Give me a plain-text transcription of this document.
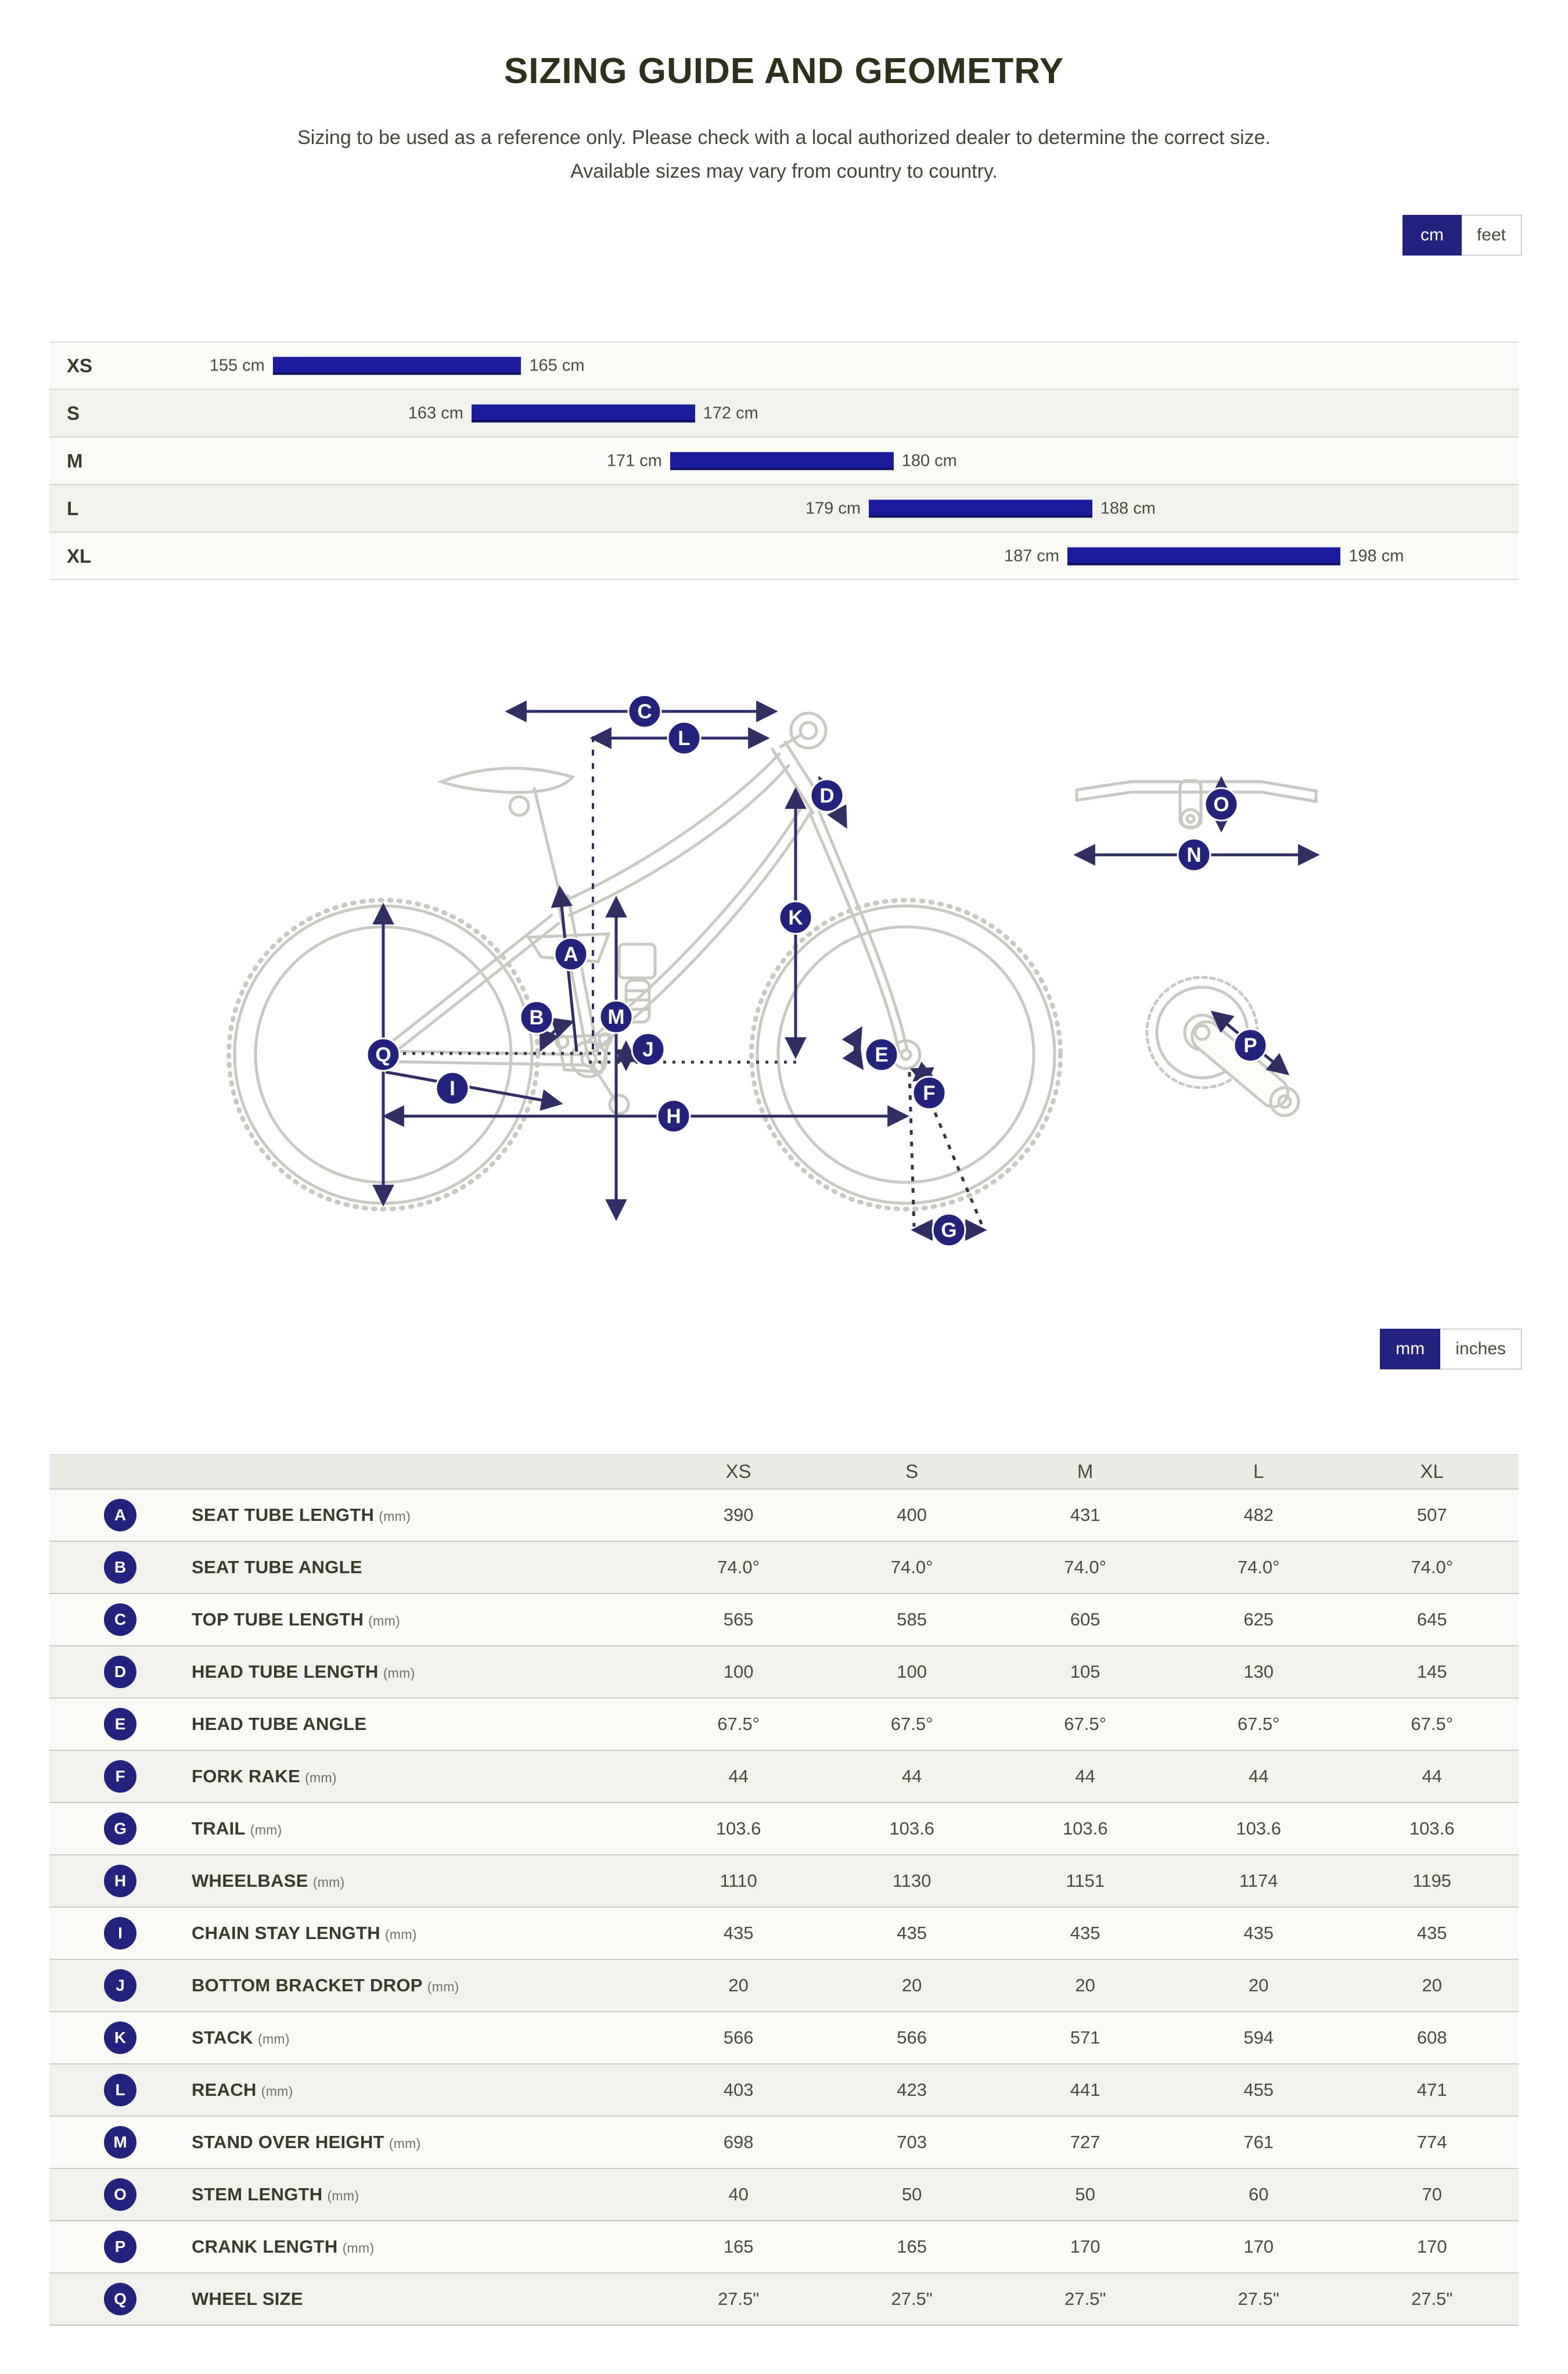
SIZING GUIDE AND GEOMETRY
Sizing to be used as a reference only. Please check with a local authorized dealer to determine the correct size.
Available sizes may vary from country to country.
cm	feet
XS	155 cm	165 cm
S	163 cm	172 cm
M	171 cm	180 cm
L	179 cm	188 cm
XL	187 cm	198 cm
A
B
C
D
E
F
G
H
I
J
K
L
M
N
O
P
Q
mm	inches
XS	S	M	L	XL
A	SEAT TUBE LENGTH (mm)	390	400	431	482	507
B	SEAT TUBE ANGLE	74.0°	74.0°	74.0°	74.0°	74.0°
C	TOP TUBE LENGTH (mm)	565	585	605	625	645
D	HEAD TUBE LENGTH (mm)	100	100	105	130	145
E	HEAD TUBE ANGLE	67.5°	67.5°	67.5°	67.5°	67.5°
F	FORK RAKE (mm)	44	44	44	44	44
G	TRAIL (mm)	103.6	103.6	103.6	103.6	103.6
H	WHEELBASE (mm)	1110	1130	1151	1174	1195
I	CHAIN STAY LENGTH (mm)	435	435	435	435	435
J	BOTTOM BRACKET DROP (mm)	20	20	20	20	20
K	STACK (mm)	566	566	571	594	608
L	REACH (mm)	403	423	441	455	471
M	STAND OVER HEIGHT (mm)	698	703	727	761	774
O	STEM LENGTH (mm)	40	50	50	60	70
P	CRANK LENGTH (mm)	165	165	170	170	170
Q	WHEEL SIZE	27.5"	27.5"	27.5"	27.5"	27.5"
